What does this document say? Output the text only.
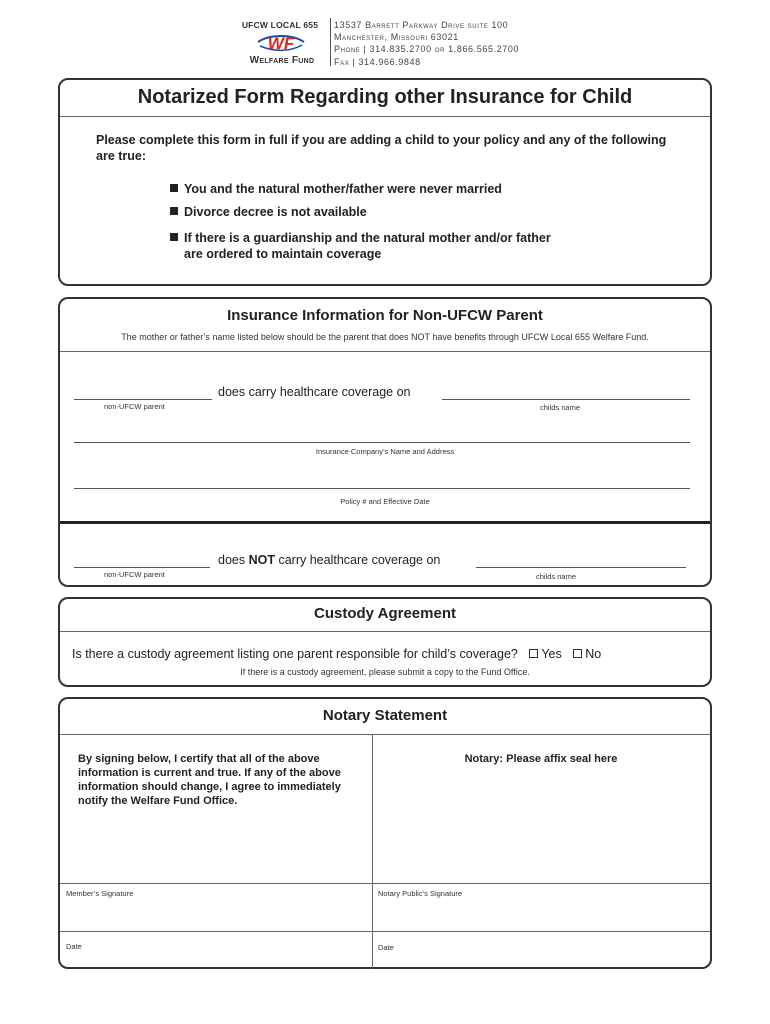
UFCW LOCAL 655
WF
Welfare Fund
13537 Barrett Parkway Drive suite 100
Manchester, Missouri 63021
Phone | 314.835.2700 or 1.866.565.2700
Fax | 314.966.9848
Notarized Form Regarding other Insurance for Child
Please complete this form in full if you are adding a child to your policy and any of the following are true:
You and the natural mother/father were never married
Divorce decree is not available
If there is a guardianship and the natural mother and/or father
are ordered to maintain coverage
Insurance Information for Non-UFCW Parent
The mother or father’s name listed below should be the parent that does NOT have benefits through UFCW Local 655 Welfare Fund.
does carry healthcare coverage on
non-UFCW parent	childs name
Insurance Company’s Name and Address
Policy # and Effective Date
does NOT carry healthcare coverage on
non-UFCW parent	childs name
Custody Agreement
Is there a custody agreement listing one parent responsible for child’s coverage? Yes No
If there is a custody agreement, please submit a copy to the Fund Office.
Notary Statement
By signing below, I certify that all of the above information is current and true. If any of the above information should change, I agree to immediately notify the Welfare Fund Office.
Notary: Please affix seal here
Member’s Signature	Notary Public’s Signature
Date	Date
